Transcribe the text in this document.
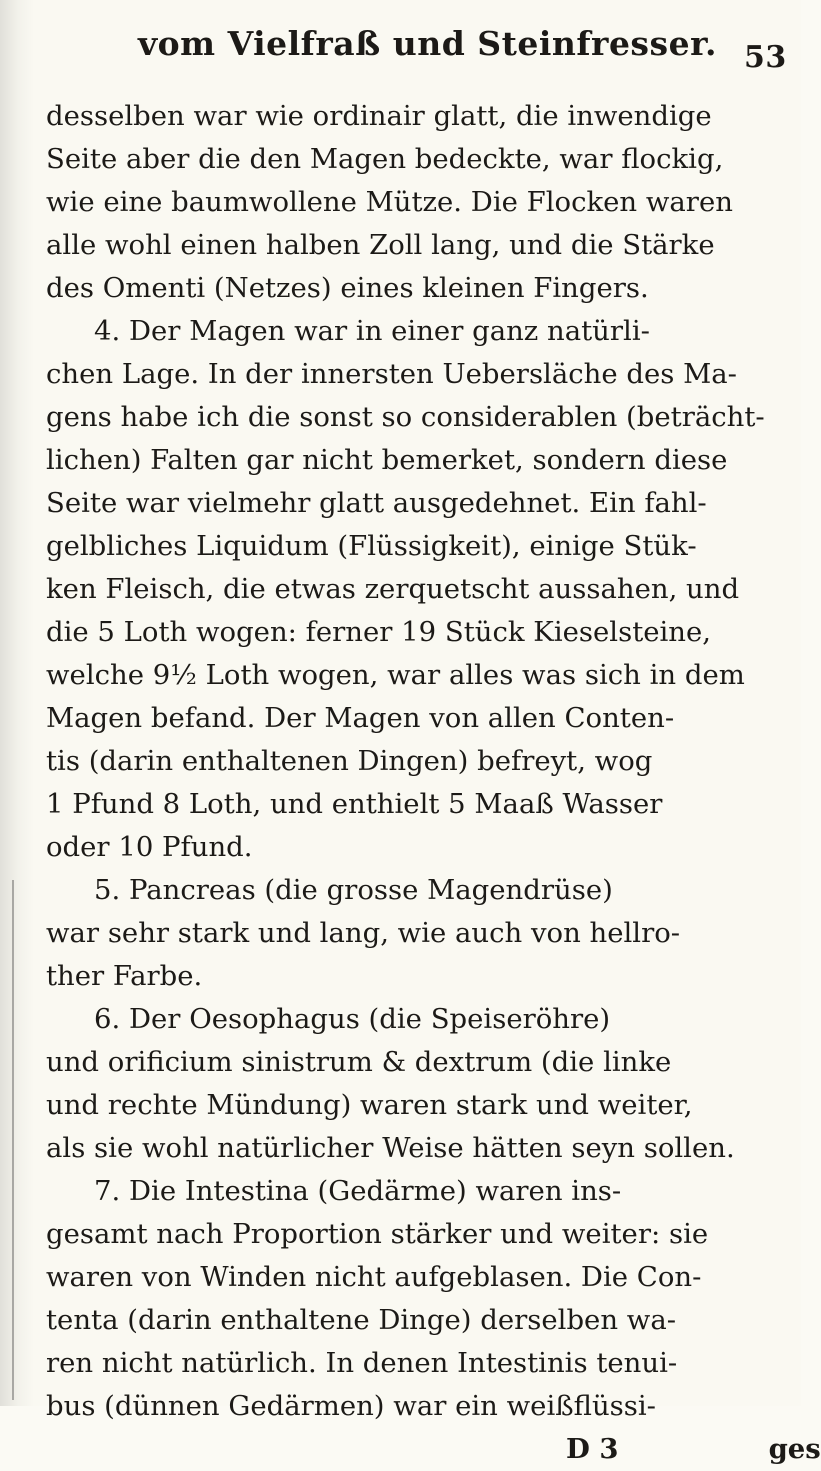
vom Vielfraß und Steinfresser. 53
desselben war wie ordinair glatt, die inwendige
Seite aber die den Magen bedeckte, war flockig,
wie eine baumwollene Mütze. Die Flocken waren
alle wohl einen halben Zoll lang, und die Stärke
des Omenti (Netzes) eines kleinen Fingers.
4. Der Magen war in einer ganz natürli-
chen Lage. In der innersten Uebersläche des Ma-
gens habe ich die sonst so considerablen (beträcht-
lichen) Falten gar nicht bemerket, sondern diese
Seite war vielmehr glatt ausgedehnet. Ein fahl-
gelbliches Liquidum (Flüssigkeit), einige Stük-
ken Fleisch, die etwas zerquetscht aussahen, und
die 5 Loth wogen: ferner 19 Stück Kieselsteine,
welche 9½ Loth wogen, war alles was sich in dem
Magen befand. Der Magen von allen Conten-
tis (darin enthaltenen Dingen) befreyt, wog
1 Pfund 8 Loth, und enthielt 5 Maaß Wasser
oder 10 Pfund.
5. Pancreas (die grosse Magendrüse)
war sehr stark und lang, wie auch von hellro-
ther Farbe.
6. Der Oesophagus (die Speiseröhre)
und orificium sinistrum & dextrum (die linke
und rechte Mündung) waren stark und weiter,
als sie wohl natürlicher Weise hätten seyn sollen.
7. Die Intestina (Gedärme) waren ins-
gesamt nach Proportion stärker und weiter: sie
waren von Winden nicht aufgeblasen. Die Con-
tenta (darin enthaltene Dinge) derselben wa-
ren nicht natürlich. In denen Intestinis tenui-
bus (dünnen Gedärmen) war ein weißflüssi-
D 3	ges
